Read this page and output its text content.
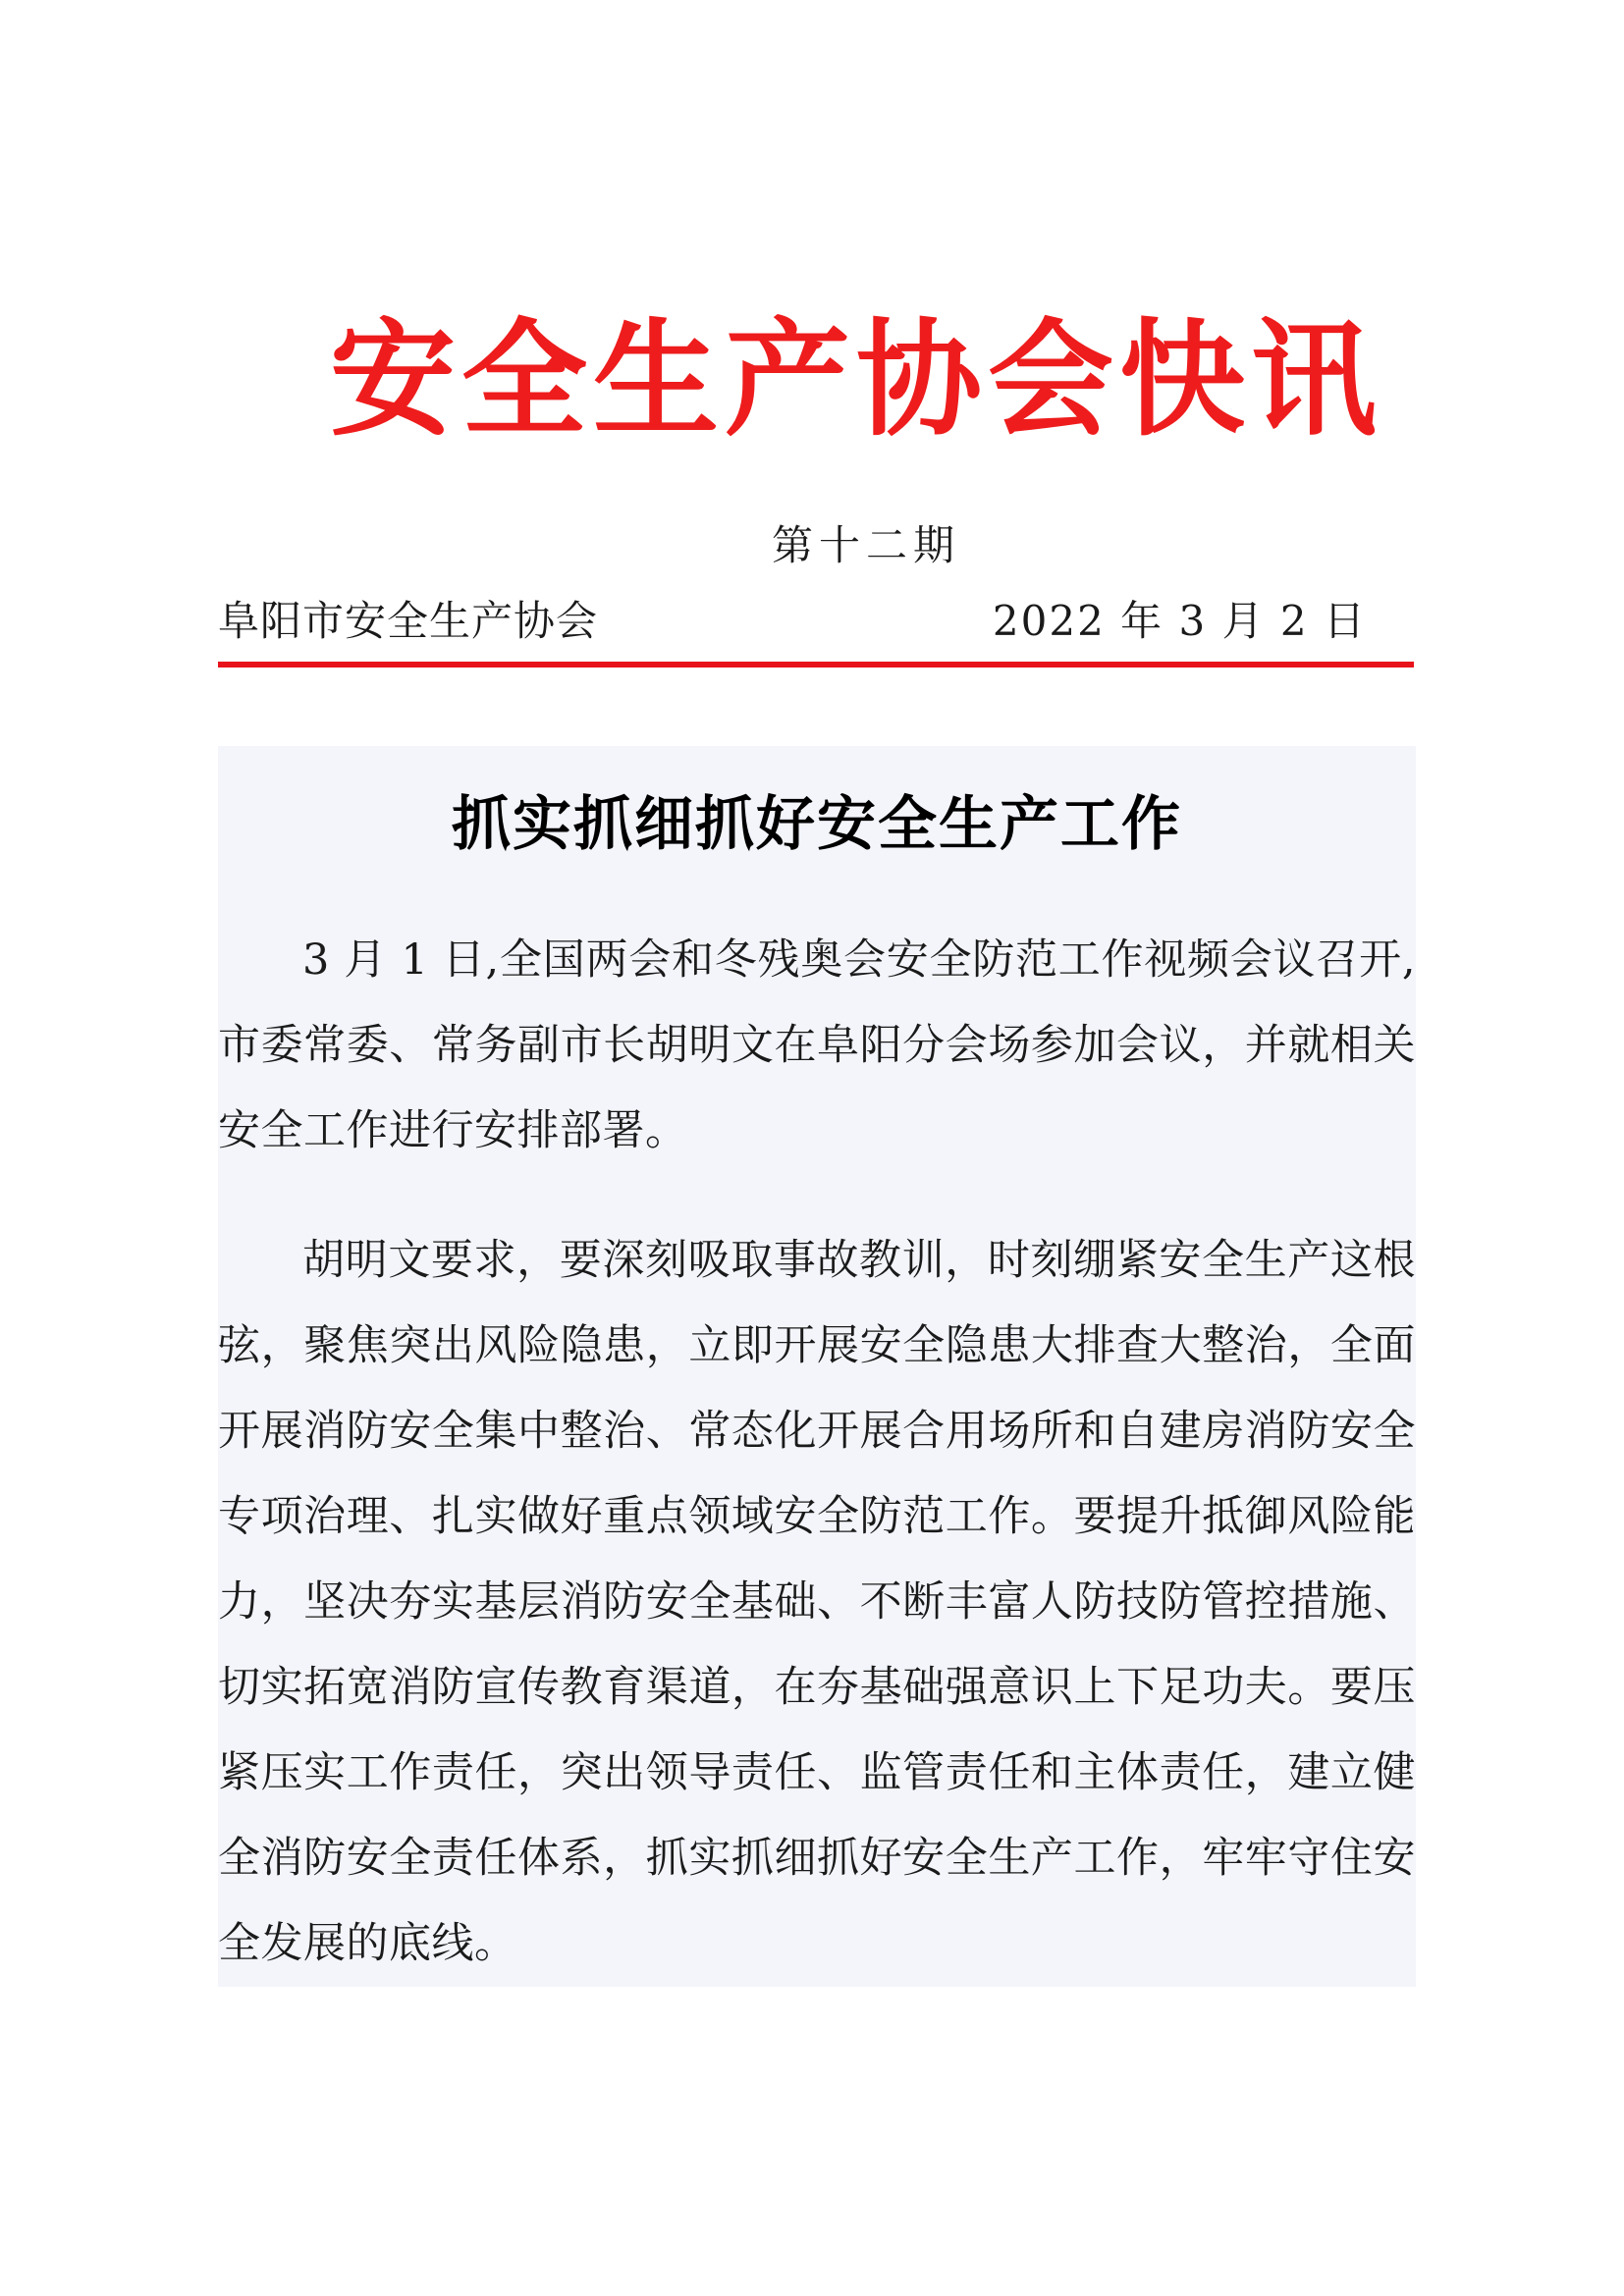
安全生产协会快讯
第十二期
阜阳市安全生产协会	2022 年 3 月 2 日
抓实抓细抓好安全生产工作

3 月 1 日,全国两会和冬残奥会安全防范工作视频会议召开,市委常委、常务副市长胡明文在阜阳分会场参加会议，并就相关安全工作进行安排部署。

胡明文要求，要深刻吸取事故教训，时刻绷紧安全生产这根弦，聚焦突出风险隐患，立即开展安全隐患大排查大整治，全面开展消防安全集中整治、常态化开展合用场所和自建房消防安全专项治理、扎实做好重点领域安全防范工作。要提升抵御风险能力，坚决夯实基层消防安全基础、不断丰富人防技防管控措施、切实拓宽消防宣传教育渠道，在夯基础强意识上下足功夫。要压紧压实工作责任，突出领导责任、监管责任和主体责任，建立健全消防安全责任体系，抓实抓细抓好安全生产工作，牢牢守住安全发展的底线。
